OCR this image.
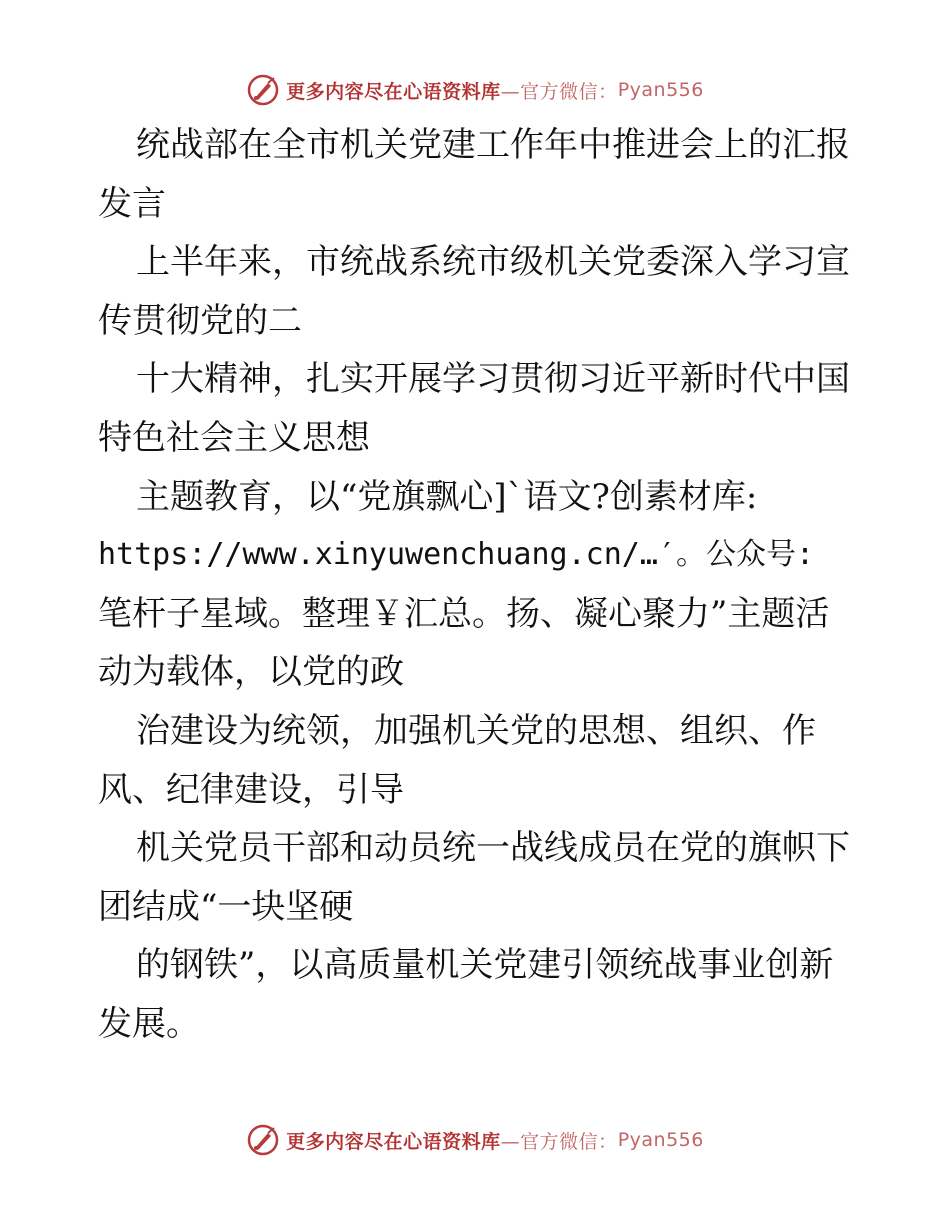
更多内容尽在心语资料库 —官方微信： Pyan556
统战部在全市机关党建工作年中推进会上的汇报
发言
上半年来，市统战系统市级机关党委深入学习宣
传贯彻党的二
十大精神，扎实开展学习贯彻习近平新时代中国
特色社会主义思想
主题教育，以“党旗飘心]`语文?创素材库:
https://www.xinyuwenchuang.cn/…′。公众号:
笔杆子星域。整理￥汇总。扬、凝心聚力”主题活
动为载体，以党的政
治建设为统领，加强机关党的思想、组织、作
风、纪律建设，引导
机关党员干部和动员统一战线成员在党的旗帜下
团结成“一块坚硬
的钢铁”，以高质量机关党建引领统战事业创新
发展。
更多内容尽在心语资料库 —官方微信： Pyan556
